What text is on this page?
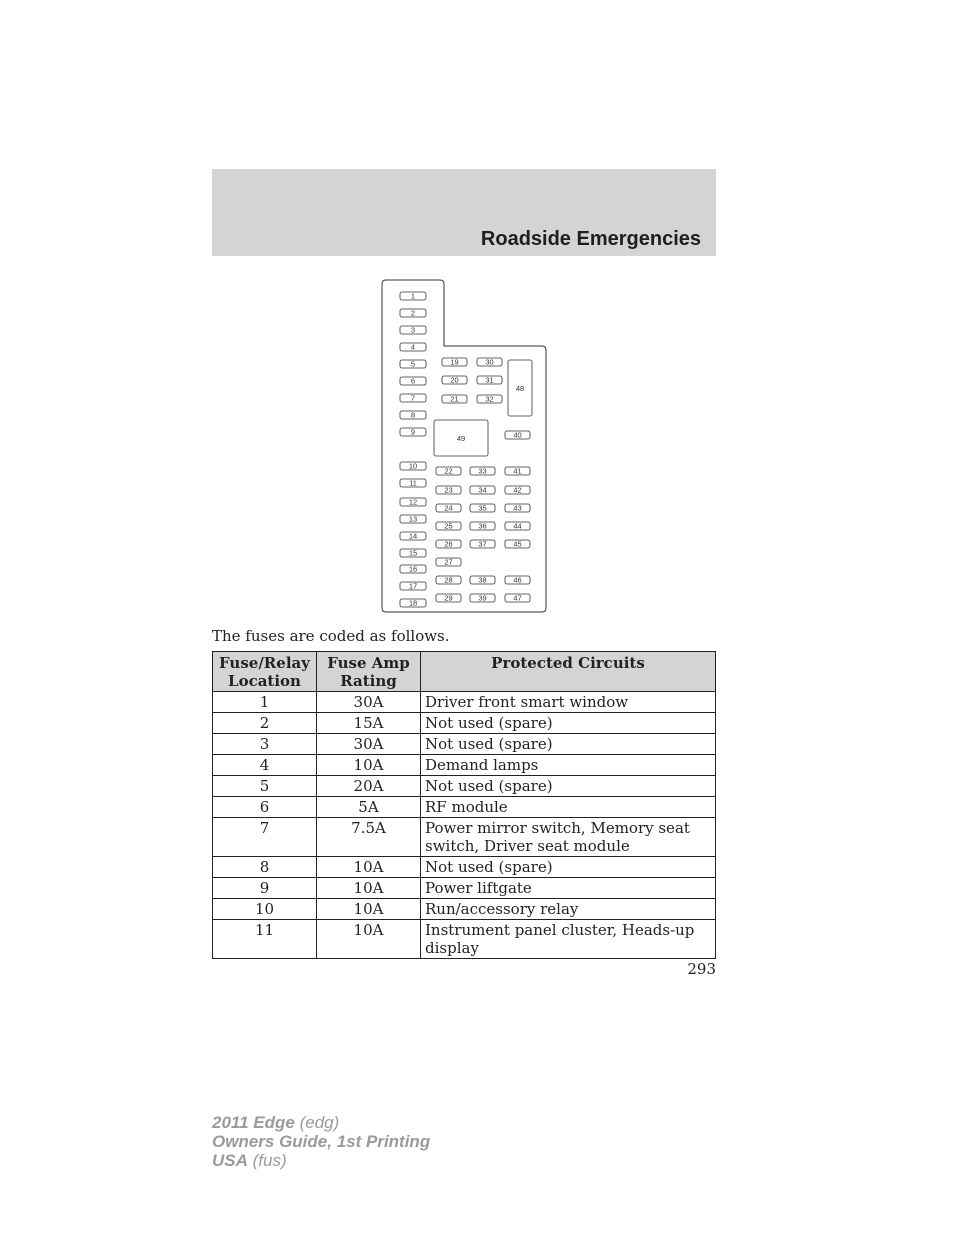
Roadside Emergencies
1
2
3
4
5
6
7
8
9
10
11
12
13
14
15
16
17
18
19
20
21
22
23
24
25
26
27
28
29
30
31
32
33
34
35
36
37
38
39
40
41
42
43
44
45
46
47
48
49
The fuses are coded as follows.
Fuse/Relay Location	Fuse Amp Rating	Protected Circuits
1	30A	Driver front smart window
2	15A	Not used (spare)
3	30A	Not used (spare)
4	10A	Demand lamps
5	20A	Not used (spare)
6	5A	RF module
7	7.5A	Power mirror switch, Memory seat switch, Driver seat module
8	10A	Not used (spare)
9	10A	Power liftgate
10	10A	Run/accessory relay
11	10A	Instrument panel cluster, Heads-up display
293
2011 Edge (edg)
Owners Guide, 1st Printing
USA (fus)
